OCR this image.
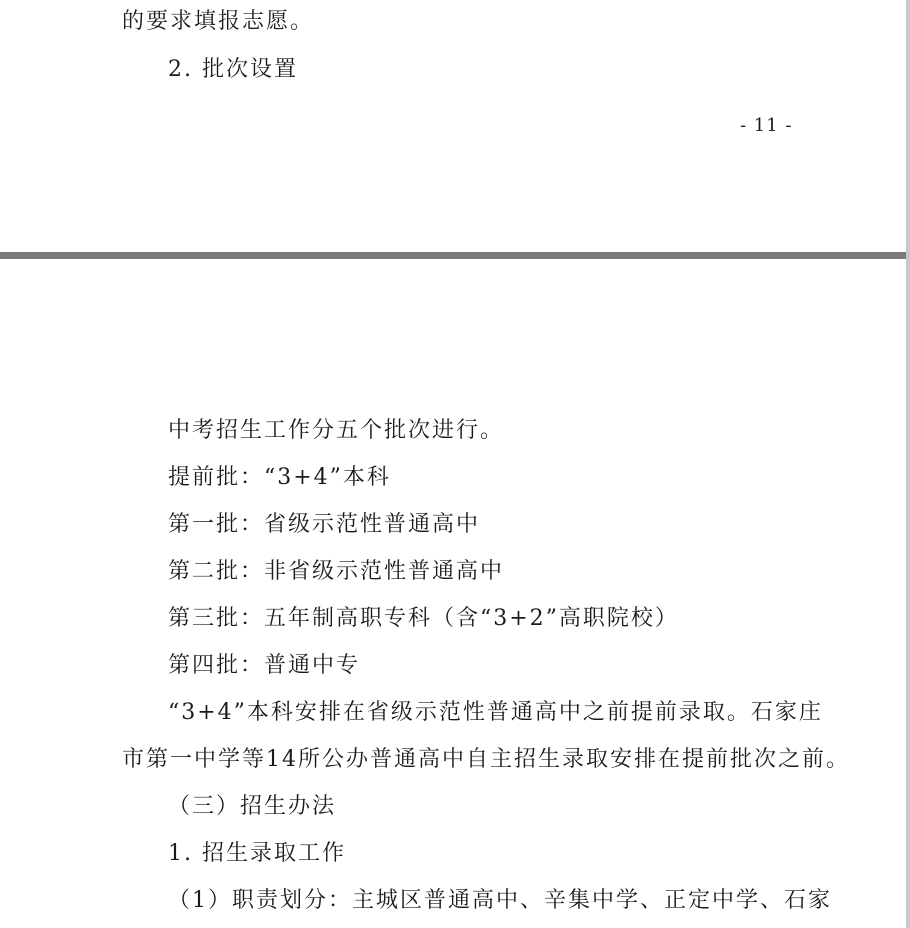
的要求填报志愿。
2. 批次设置
- 11 -
中考招生工作分五个批次进行。
提前批：“3+4”本科
第一批：省级示范性普通高中
第二批：非省级示范性普通高中
第三批：五年制高职专科（含“3+2”高职院校）
第四批：普通中专
“3+4”本科安排在省级示范性普通高中之前提前录取。石家庄
市第一中学等14所公办普通高中自主招生录取安排在提前批次之前。
（三）招生办法
1. 招生录取工作
（1）职责划分：主城区普通高中、辛集中学、正定中学、石家
